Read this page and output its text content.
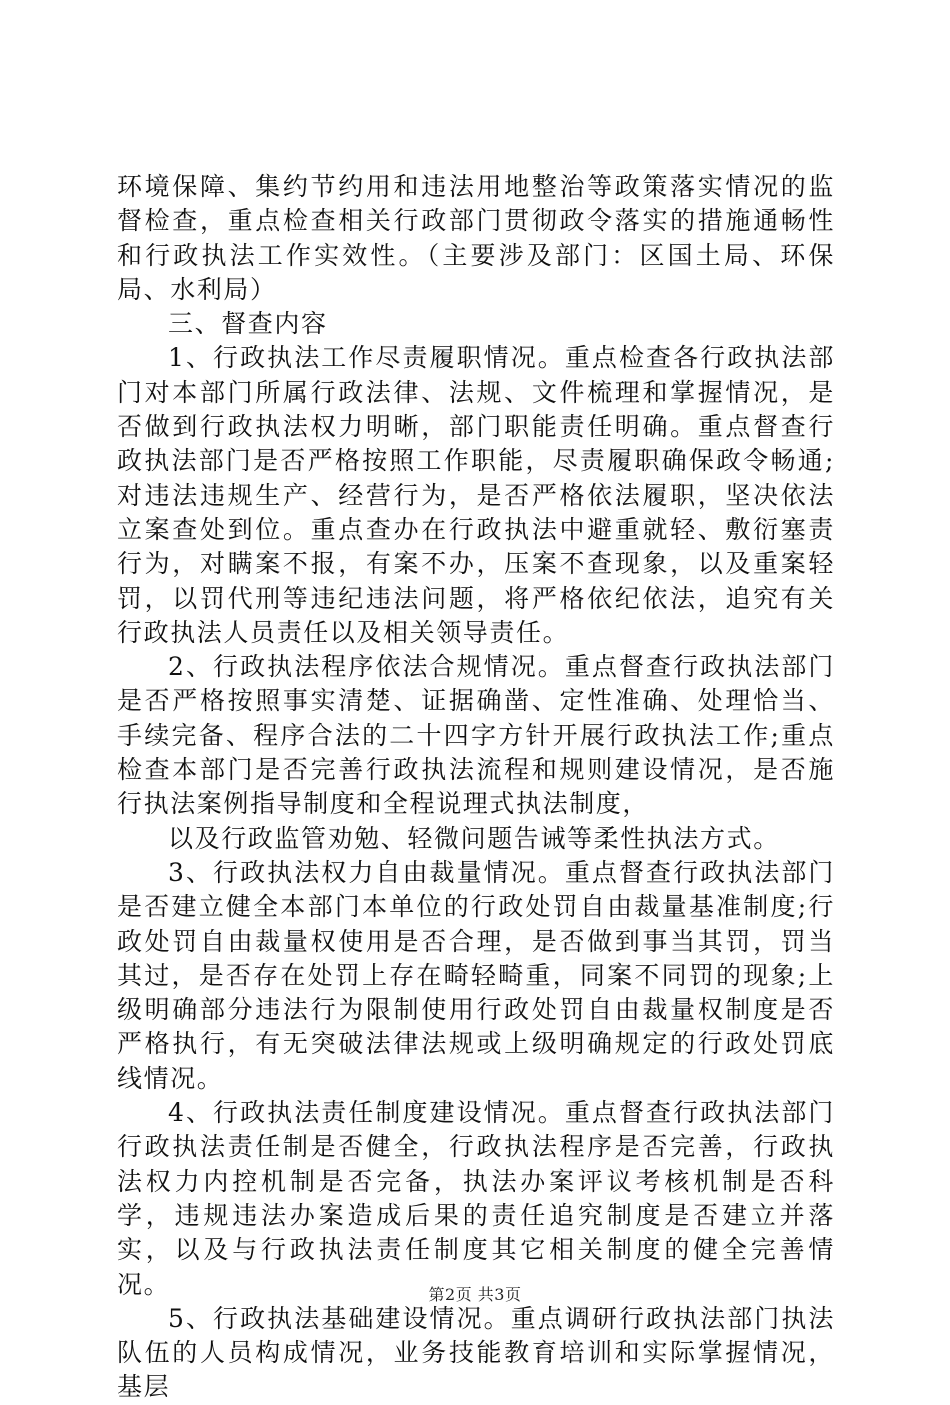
环境保障、集约节约用和违法用地整治等政策落实情况的监督检查，重点检查相关行政部门贯彻政令落实的措施通畅性和行政执法工作实效性。（主要涉及部门：区国土局、环保局、水利局）

三、督查内容

1、行政执法工作尽责履职情况。重点检查各行政执法部门对本部门所属行政法律、法规、文件梳理和掌握情况，是否做到行政执法权力明晰，部门职能责任明确。重点督查行政执法部门是否严格按照工作职能，尽责履职确保政令畅通;对违法违规生产、经营行为，是否严格依法履职，坚决依法立案查处到位。重点查办在行政执法中避重就轻、敷衍塞责行为，对瞒案不报，有案不办，压案不查现象，以及重案轻罚，以罚代刑等违纪违法问题，将严格依纪依法，追究有关行政执法人员责任以及相关领导责任。

2、行政执法程序依法合规情况。重点督查行政执法部门是否严格按照事实清楚、证据确凿、定性准确、处理恰当、手续完备、程序合法的二十四字方针开展行政执法工作;重点检查本部门是否完善行政执法流程和规则建设情况，是否施行执法案例指导制度和全程说理式执法制度，

以及行政监管劝勉、轻微问题告诫等柔性执法方式。

3、行政执法权力自由裁量情况。重点督查行政执法部门是否建立健全本部门本单位的行政处罚自由裁量基准制度;行政处罚自由裁量权使用是否合理，是否做到事当其罚，罚当其过，是否存在处罚上存在畸轻畸重，同案不同罚的现象;上级明确部分违法行为限制使用行政处罚自由裁量权制度是否严格执行，有无突破法律法规或上级明确规定的行政处罚底线情况。

4、行政执法责任制度建设情况。重点督查行政执法部门行政执法责任制是否健全，行政执法程序是否完善，行政执法权力内控机制是否完备，执法办案评议考核机制是否科学，违规违法办案造成后果的责任追究制度是否建立并落实，以及与行政执法责任制度其它相关制度的健全完善情况。

5、行政执法基础建设情况。重点调研行政执法部门执法队伍的人员构成情况，业务技能教育培训和实际掌握情况，基层

第2页 共3页
